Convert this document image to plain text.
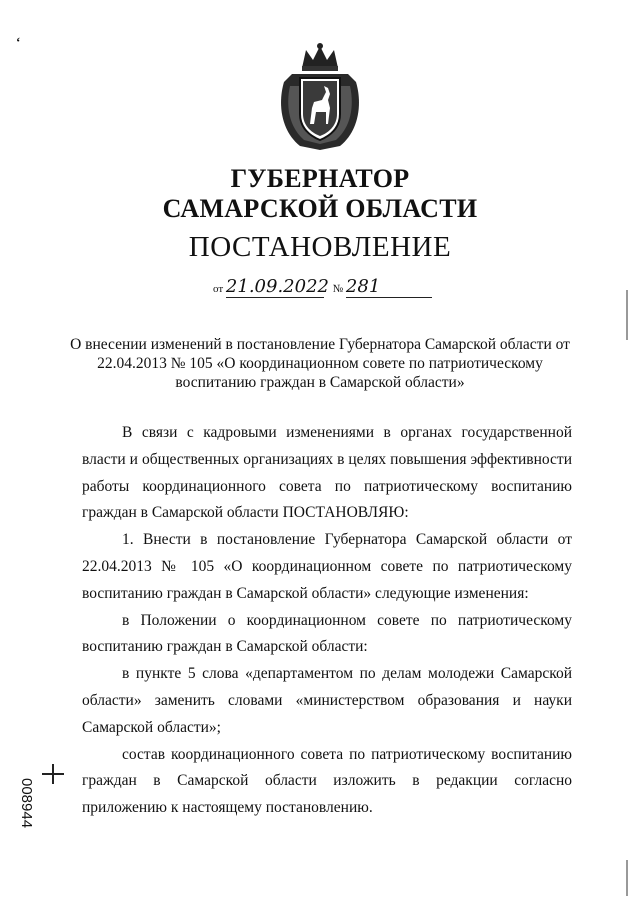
ʻ
ГУБЕРНАТОР
САМАРСКОЙ ОБЛАСТИ
ПОСТАНОВЛЕНИЕ
от 21.09.2022 № 281
О внесении изменений в постановление Губернатора Самарской области от 22.04.2013 № 105 «О координационном совете по патриотическому воспитанию граждан в Самарской области»

В связи с кадровыми изменениями в органах государственной власти и общественных организациях в целях повышения эффективности работы координационного совета по патриотическому воспитанию граждан в Самарской области ПОСТАНОВЛЯЮ:

1. Внести в постановление Губернатора Самарской области от 22.04.2013 № 105 «О координационном совете по патриотическому воспитанию граждан в Самарской области» следующие изменения:

в Положении о координационном совете по патриотическому воспитанию граждан в Самарской области:

в пункте 5 слова «департаментом по делам молодежи Самарской области» заменить словами «министерством образования и науки Самарской области»;

состав координационного совета по патриотическому воспитанию граждан в Самарской области изложить в редакции согласно приложению к настоящему постановлению.

008944
